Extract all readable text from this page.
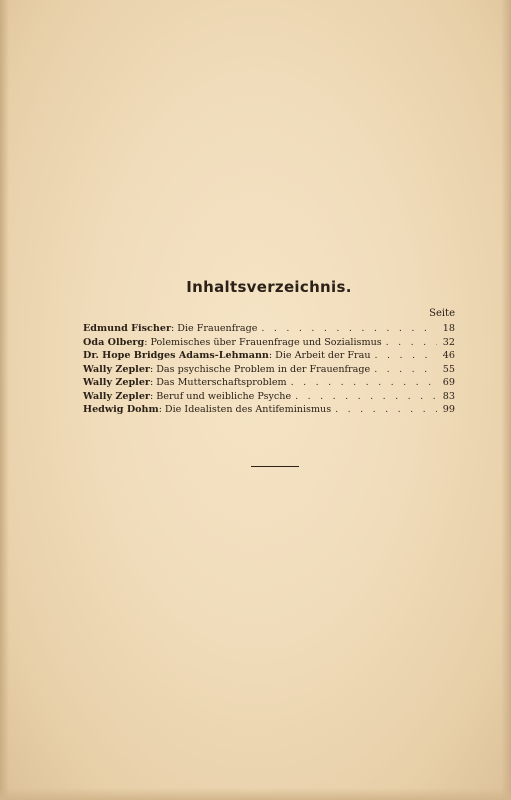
Inhaltsverzeichnis.
Seite
Edmund Fischer : Die Frauenfrage . . .	18
Oda Olberg : Polemisches über Frauenfrage und Sozialismus . . .	32
Dr. Hope Bridges Adams-Lehmann : Die Arbeit der Frau . . .	46
Wally Zepler : Das psychische Problem in der Frauenfrage . . .	55
Wally Zepler : Das Mutterschaftsproblem . . .	69
Wally Zepler : Beruf und weibliche Psyche . . .	83
Hedwig Dohm : Die Idealisten des Antifeminismus . . .	99
